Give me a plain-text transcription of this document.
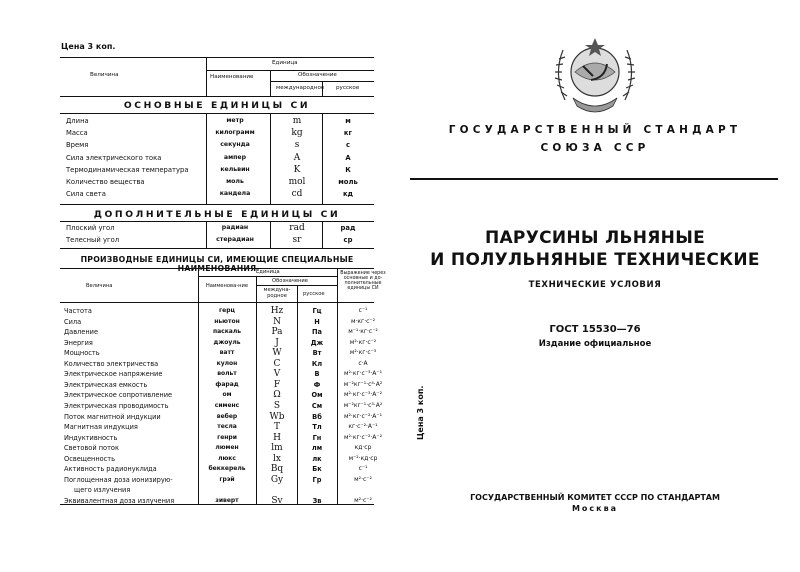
Цена 3 коп.
Величина
Единица
Наименование	Обозначение
международное русское
ОСНОВНЫЕ ЕДИНИЦЫ СИ
ДОПОЛНИТЕЛЬНЫЕ ЕДИНИЦЫ СИ
ПРОИЗВОДНЫЕ ЕДИНИЦЫ СИ, ИМЕЮЩИЕ СПЕЦИАЛЬНЫЕ НАИМЕНОВАНИЯ
Величина
Единица
Наименова-ние
Обозначение
междуна-родное	русское
Выражение через основные и до-полнительные единицы СИ
ГОСУДАРСТВЕННЫЙ СТАНДАРТ
СОЮЗА ССР
ПАРУСИНЫ ЛЬНЯНЫЕ
И ПОЛУЛЬНЯНЫЕ ТЕХНИЧЕСКИЕ
ТЕХНИЧЕСКИЕ УСЛОВИЯ
ГОСТ 15530—76
Издание официальное
Цена 3 коп.
ГОСУДАРСТВЕННЫЙ КОМИТЕТ СССР ПО СТАНДАРТАМ
Москва
Длина	метр	m	м
Масса	килограмм	kg	кг
Время	секунда	s	с
Сила электрического тока	ампер	A	А
Термодинамическая температура	кельвин	K	К
Количество вещества	моль	mol	моль
Сила света	кандела	cd	кд
Плоский угол	радиан	rad	рад
Телесный угол	стерадиан	sr	ср
Частота	герц	Hz	Гц	с⁻¹
Сила	ньютон	N	Н	м·кг·с⁻²
Давление	паскаль	Pa	Па	м⁻¹·кг·с⁻²
Энергия	джоуль	J	Дж	м²·кг·с⁻²
Мощность	ватт	W	Вт	м²·кг·с⁻³
Количество электричества	кулон	C	Кл	с·А
Электрическое напряжение	вольт	V	В	м²·кг·с⁻³·А⁻¹
Электрическая емкость	фарад	F	Ф	м⁻²кг⁻¹·с⁴·А²
Электрическое сопротивление	ом	Ω	Ом	м²·кг·с⁻³·А⁻²
Электрическая проводимость	сименс	S	См	м⁻²кг⁻¹·с³·А²
Поток магнитной индукции	вебер	Wb	Вб	м²·кг·с⁻²·А⁻¹
Магнитная индукция	тесла	T	Тл	кг·с⁻²·А⁻¹
Индуктивность	генри	H	Гн	м²·кг·с⁻²·А⁻²
Световой поток	люмен	lm	лм	кд·ср
Освещенность	люкс	lx	лк	м⁻²·кд·ср
Активность радионуклида	беккерель	Bq	Бк	с⁻¹
Поглощенная доза ионизирую-	грэй	Gy	Гр	м²·с⁻²
щего излучения
Эквивалентная доза излучения	зиверт	Sv	Зв	м²·с⁻²
